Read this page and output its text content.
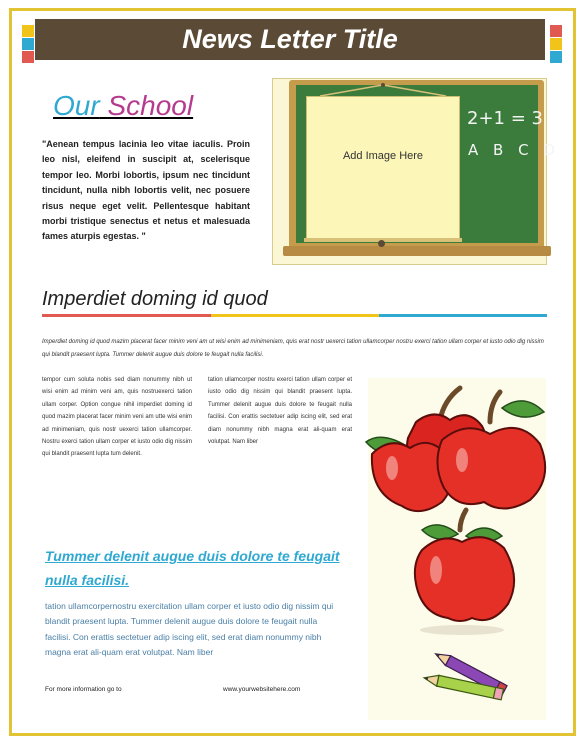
News Letter Title
Our School
"Aenean tempus lacinia leo vitae iaculis. Proin leo nisl, eleifend in suscipit at, scelerisque tempor leo. Morbi lobortis, ipsum nec tincidunt tincidunt, nulla nibh lobortis velit, nec posuere risus neque eget velit. Pellentesque habitant morbi tristique senectus et netus et malesuada fames aturpis egestas. "
Add Image Here
2+1 = 3
A B C D
Imperdiet doming id quod
Imperdiet doming id quod mazim placerat facer minim veni am ut wisi enim ad minimeniam, quis erat nostr uexerci tation ullamcorper nostru exerci tation ullam corper et iusto odio dig nissim qui blandit praesent lupta. Tummer delenit augue duis dolore te feugait nulla facilisi.
tempor cum soluta nobis sed diam nonummy nibh ut wisi enim ad minim veni am, quis nostruexerci tation ullam corper. Option congue nihil imperdiet doming id quod mazim placerat facer minim veni am utte wisi enim ad minimeniam, quis nostr uexerci tation ullamcorper. Nostru exerci tation ullam corper et iusto odio dig nissim qui blandit praesent lupta tum delenit.
tation ullamcorper nostru exerci tation ullam corper et iusto odio dig nissim qui blandit praesent lupta. Tummer delenit augue duis dolore te feugait nulla facilisi. Con erattis sectetuer adip iscing elit, sed erat diam nonummy nibh magna erat ali-quam erat volutpat. Nam liber
Tummer delenit augue duis dolore te feugait nulla facilisi.
tation ullamcorpernostru exercitation ullam corper et iusto odio dig nissim qui blandit praesent lupta. Tummer delenit augue duis dolore te feugait nulla facilisi. Con erattis sectetuer adip iscing elit, sed erat diam nonummy nibh magna erat ali-quam erat volutpat. Nam liber
For more information go to	www.yourwebsitehere.com
